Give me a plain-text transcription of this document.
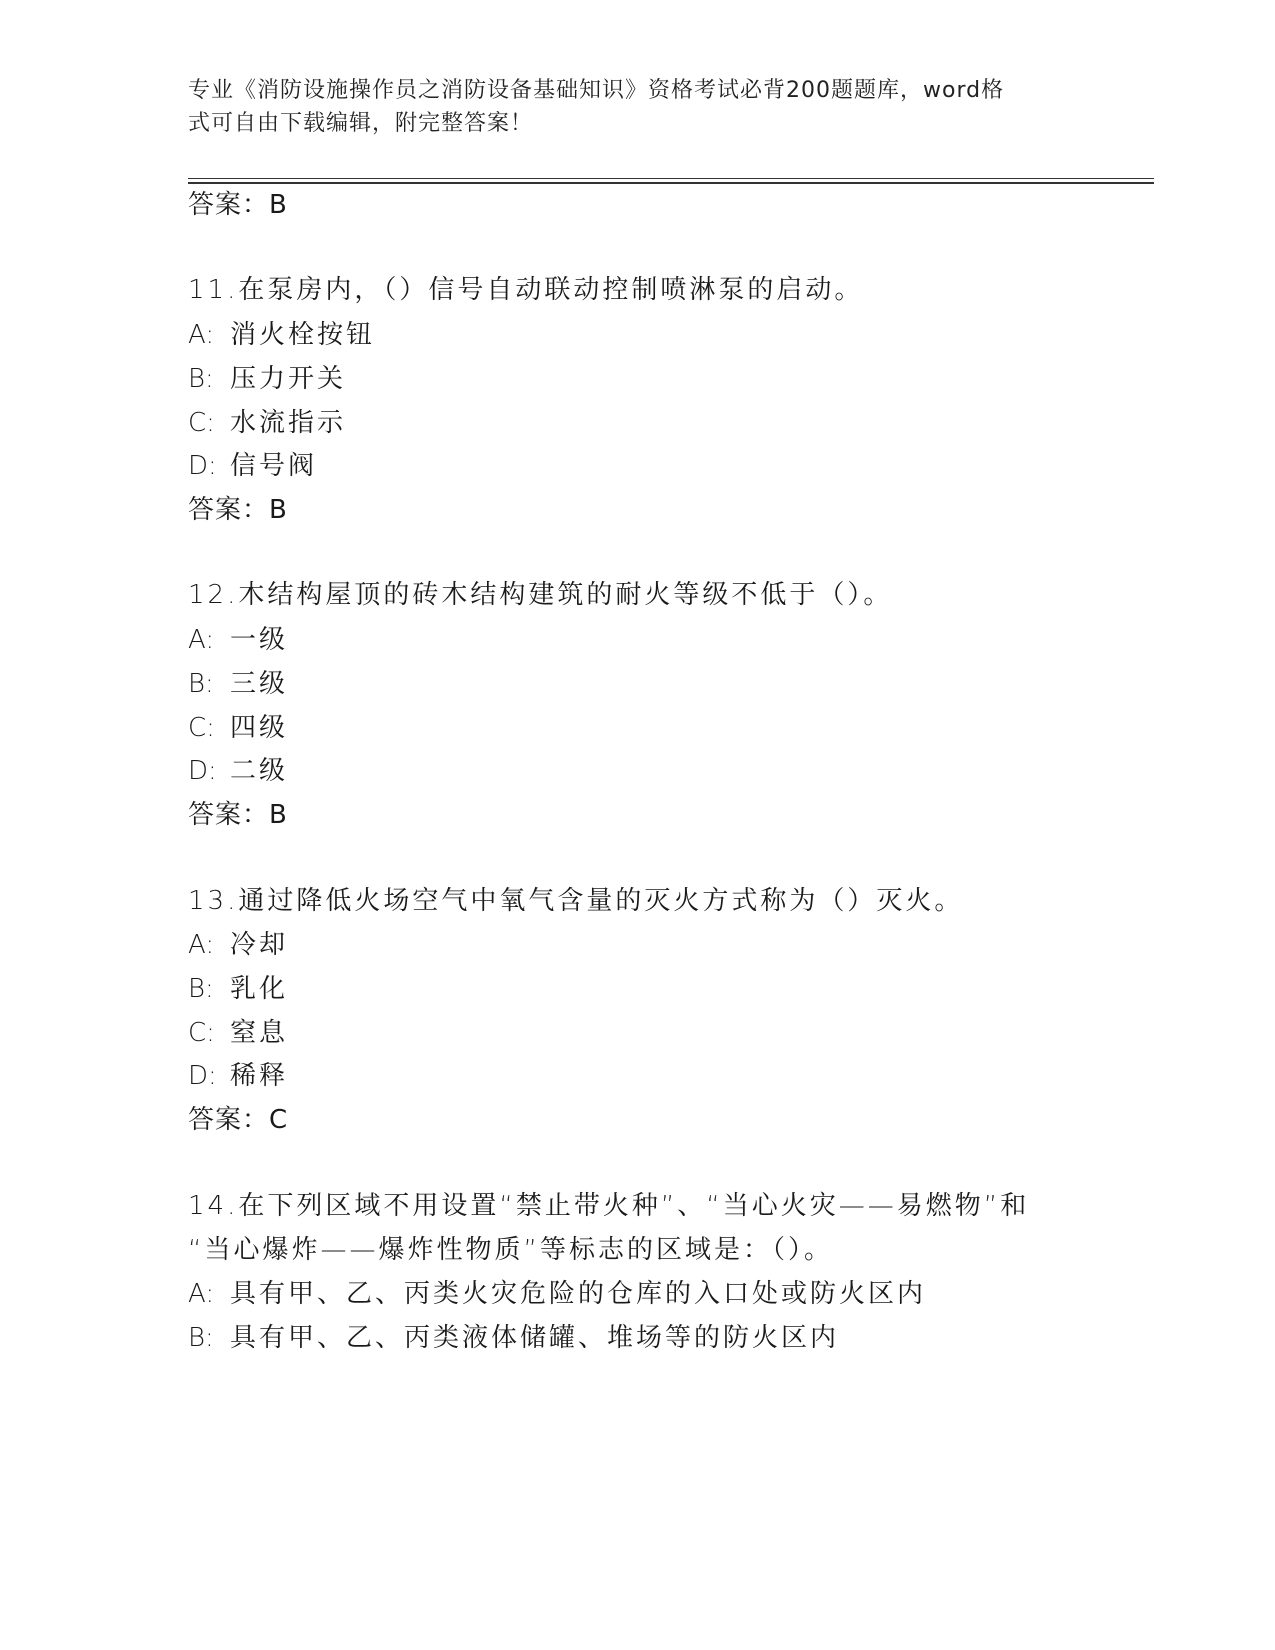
专业《消防设施操作员之消防设备基础知识》资格考试必背200题题库，word格
式可自由下载编辑，附完整答案！
答案：B
11.在泵房内，（）信号自动联动控制喷淋泵的启动。
A: 消火栓按钮
B: 压力开关
C: 水流指示
D: 信号阀
答案：B
12.木结构屋顶的砖木结构建筑的耐火等级不低于（）。
A: 一级
B: 三级
C: 四级
D: 二级
答案：B
13.通过降低火场空气中氧气含量的灭火方式称为（）灭火。
A: 冷却
B: 乳化
C: 窒息
D: 稀释
答案：C
14.在下列区域不用设置“禁止带火种”、“当心火灾——易燃物”和
“当心爆炸——爆炸性物质”等标志的区域是：（）。
A: 具有甲、乙、丙类火灾危险的仓库的入口处或防火区内
B: 具有甲、乙、丙类液体储罐、堆场等的防火区内
